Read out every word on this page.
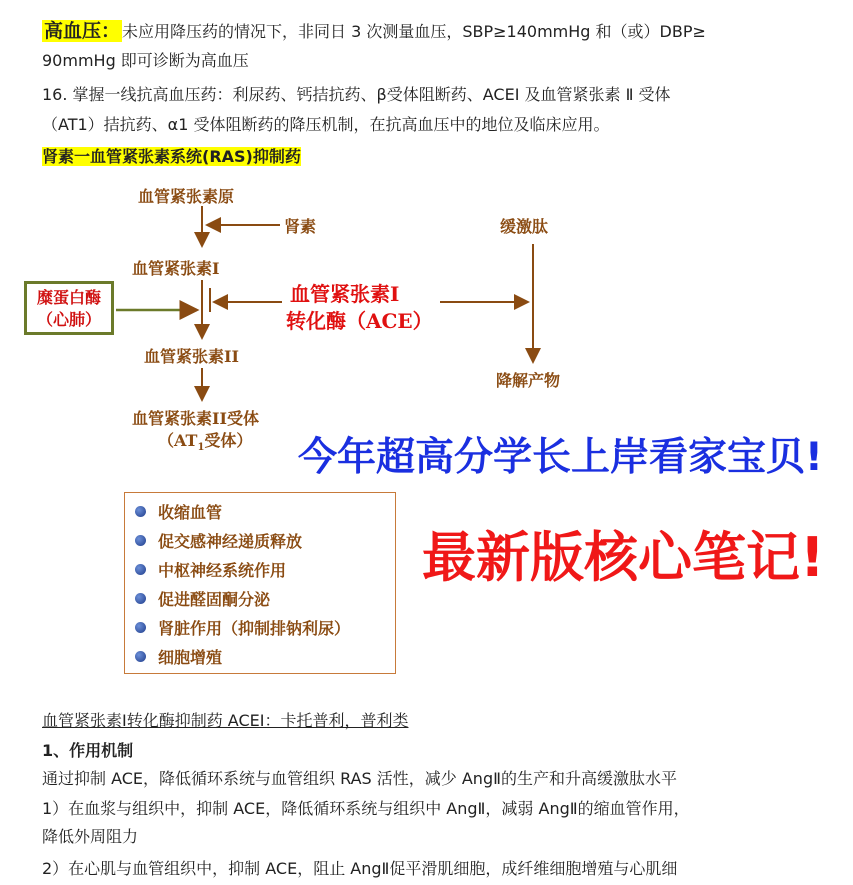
高血压： 未应用降压药的情况下，非同日 3 次测量血压，SBP≥140mmHg 和（或）DBP≥
90mmHg 即可诊断为高血压
16. 掌握一线抗高血压药：利尿药、钙拮抗药、β受体阻断药、ACEI 及血管紧张素 Ⅱ 受体
（AT1）拮抗药、α1 受体阻断药的降压机制，在抗高血压中的地位及临床应用。
肾素一血管紧张素系统(RAS)抑制药
血管紧张素原
肾素	缓激肽
血管紧张素I
血管紧张素I
转化酶（ACE）
糜蛋白酶
（心肺）
血管紧张素II
降解产物
血管紧张素II受体
（$AT_1$受体）
收缩血管
促交感神经递质释放
中枢神经系统作用
促进醛固酮分泌
肾脏作用（抑制排钠利尿）
细胞增殖
今年超高分学长上岸看家宝贝!
最新版核心笔记!
血管紧张素Ⅰ转化酶抑制药 ACEI：卡托普利，普利类
1、作用机制
通过抑制 ACE，降低循环系统与血管组织 RAS 活性，减少 AngⅡ的生产和升高缓激肽水平
1）在血浆与组织中，抑制 ACE，降低循环系统与组织中 AngⅡ，减弱 AngⅡ的缩血管作用，
降低外周阻力
2）在心肌与血管组织中，抑制 ACE，阻止 AngⅡ促平滑肌细胞，成纤维细胞增殖与心肌细
